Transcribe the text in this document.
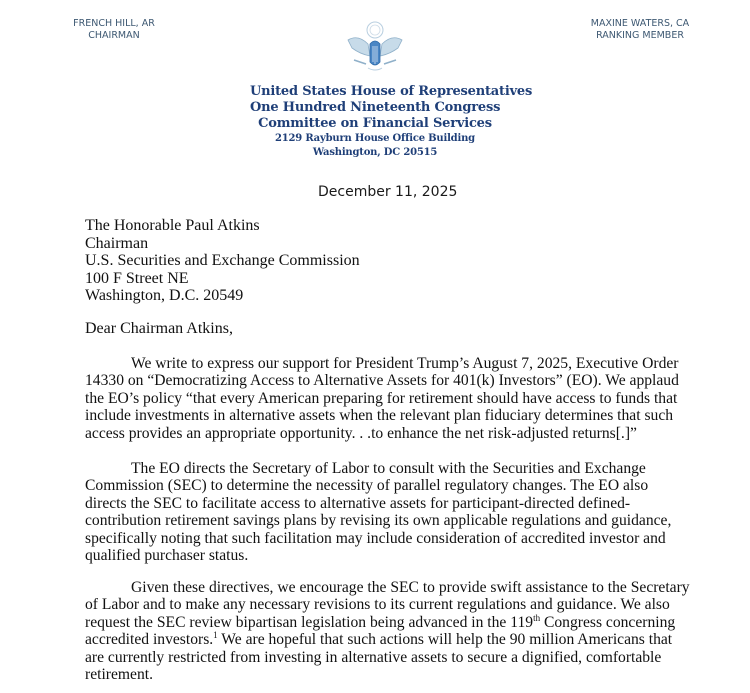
FRENCH HILL, AR
CHAIRMAN
MAXINE WATERS, CA
RANKING MEMBER
United States House of Representatives
One Hundred Nineteenth Congress
Committee on Financial Services
2129 Rayburn House Office Building
Washington, DC 20515
December 11, 2025
The Honorable Paul Atkins
Chairman
U.S. Securities and Exchange Commission
100 F Street NE
Washington, D.C. 20549
Dear Chairman Atkins,
We write to express our support for President Trump’s August 7, 2025, Executive Order
14330 on “Democratizing Access to Alternative Assets for 401(k) Investors” (EO). We applaud
the EO’s policy “that every American preparing for retirement should have access to funds that
include investments in alternative assets when the relevant plan fiduciary determines that such
access provides an appropriate opportunity. . .to enhance the net risk-adjusted returns[.]”
The EO directs the Secretary of Labor to consult with the Securities and Exchange
Commission (SEC) to determine the necessity of parallel regulatory changes. The EO also
directs the SEC to facilitate access to alternative assets for participant-directed defined-
contribution retirement savings plans by revising its own applicable regulations and guidance,
specifically noting that such facilitation may include consideration of accredited investor and
qualified purchaser status.
Given these directives, we encourage the SEC to provide swift assistance to the Secretary
of Labor and to make any necessary revisions to its current regulations and guidance. We also
request the SEC review bipartisan legislation being advanced in the 119th Congress concerning
accredited investors.$^1$ We are hopeful that such actions will help the 90 million Americans that
are currently restricted from investing in alternative assets to secure a dignified, comfortable
retirement.
